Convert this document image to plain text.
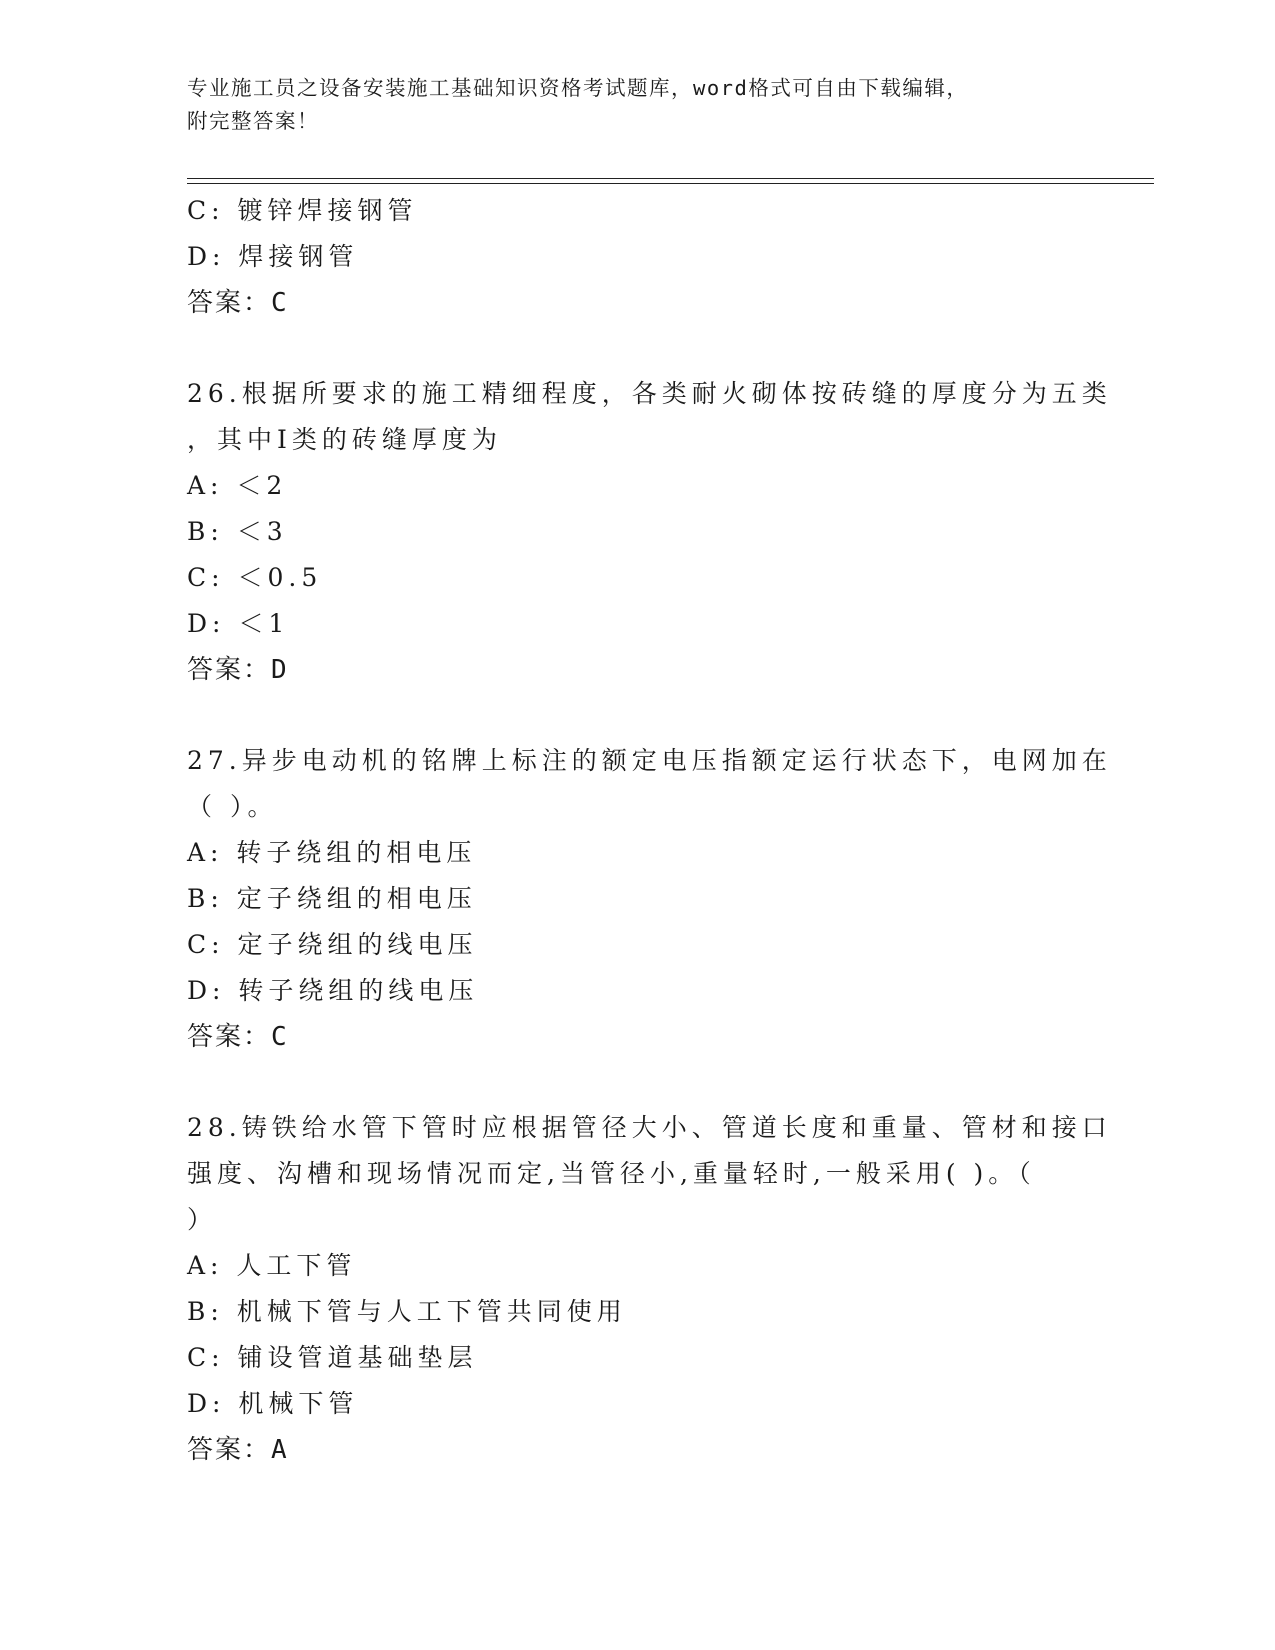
专业施工员之设备安装施工基础知识资格考试题库，word格式可自由下载编辑，
附完整答案！
C: 镀锌焊接钢管
D: 焊接钢管
答案：C
26.根据所要求的施工精细程度，各类耐火砌体按砖缝的厚度分为五类
，其中Ⅰ类的砖缝厚度为
A: ＜2
B: ＜3
C: ＜0.5
D: ＜1
答案：D
27.异步电动机的铭牌上标注的额定电压指额定运行状态下，电网加在
（ ）。
A: 转子绕组的相电压
B: 定子绕组的相电压
C: 定子绕组的线电压
D: 转子绕组的线电压
答案：C
28.铸铁给水管下管时应根据管径大小、管道长度和重量、管材和接口
强度、沟槽和现场情况而定,当管径小,重量轻时,一般采用( )。（
）
A: 人工下管
B: 机械下管与人工下管共同使用
C: 铺设管道基础垫层
D: 机械下管
答案：A
